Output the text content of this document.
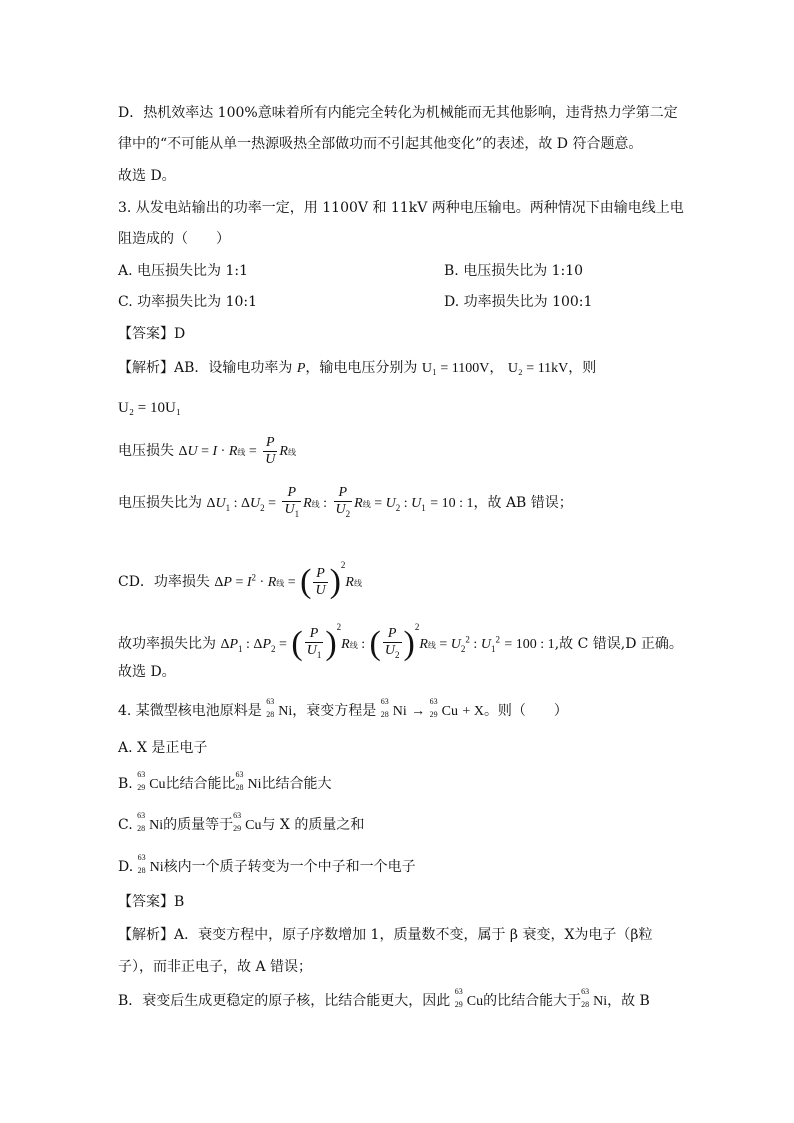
D．热机效率达 100%意味着所有内能完全转化为机械能而无其他影响，违背热力学第二定
律中的“不可能从单一热源吸热全部做功而不引起其他变化”的表述，故 D 符合题意。
故选 D。
3. 从发电站输出的功率一定，用 1100V 和 11kV 两种电压输电。两种情况下由输电线上电
阻造成的（　　）
A. 电压损失比为 1:1	B. 电压损失比为 1:10
C. 功率损失比为 10:1	D. 功率损失比为 100:1
【答案】D
【解析】AB．设输电功率为 P，输电电压分别为 U₁ = 1100V， U₂ = 11kV，则
U₂ = 10U₁
电压损失 ΔU = I · R线 = $\frac{P}{U}$ R线
电压损失比为 $\Delta U_1$ : $\Delta U_2 = \frac{P}{U_1}$ R线 : $\frac{P}{U_2}$ R线 = $U_2$ : $U_1 = 10$ : 1，故 AB 错误；
CD．功率损失 $\Delta P = I^2 \cdot R$线 = ( $\frac{P}{U} )^2R$线
故功率损失比为 $\Delta P_1$ : $\Delta P_2$ = ( $\frac{P}{U_1} )^2R$线 : ( $\frac{P}{U_2} )^2R$线 = $U_2^2$ : $U_1^2 = 100$ : 1,故 C 错误,D 正确。
故选 D。
4. 某微型核电池原料是
63
28 Ni，衰变方程是
63
28 Ni →
63
29 Cu + X。则（　　）
A. X 是正电子
B.
63
29 Cu比结合能比
63
28 Ni比结合能大
C.
63
28 Ni的质量等于
63
29 Cu与 X 的质量之和
D.
63
28 Ni核内一个质子转变为一个中子和一个电子
【答案】B
【解析】A．衰变方程中，原子序数增加 1，质量数不变，属于 β 衰变，X为电子（β粒
子），而非正电子，故 A 错误；
B．衰变后生成更稳定的原子核，比结合能更大，因此
63
29 Cu的比结合能大于
63
28 Ni，故 B
